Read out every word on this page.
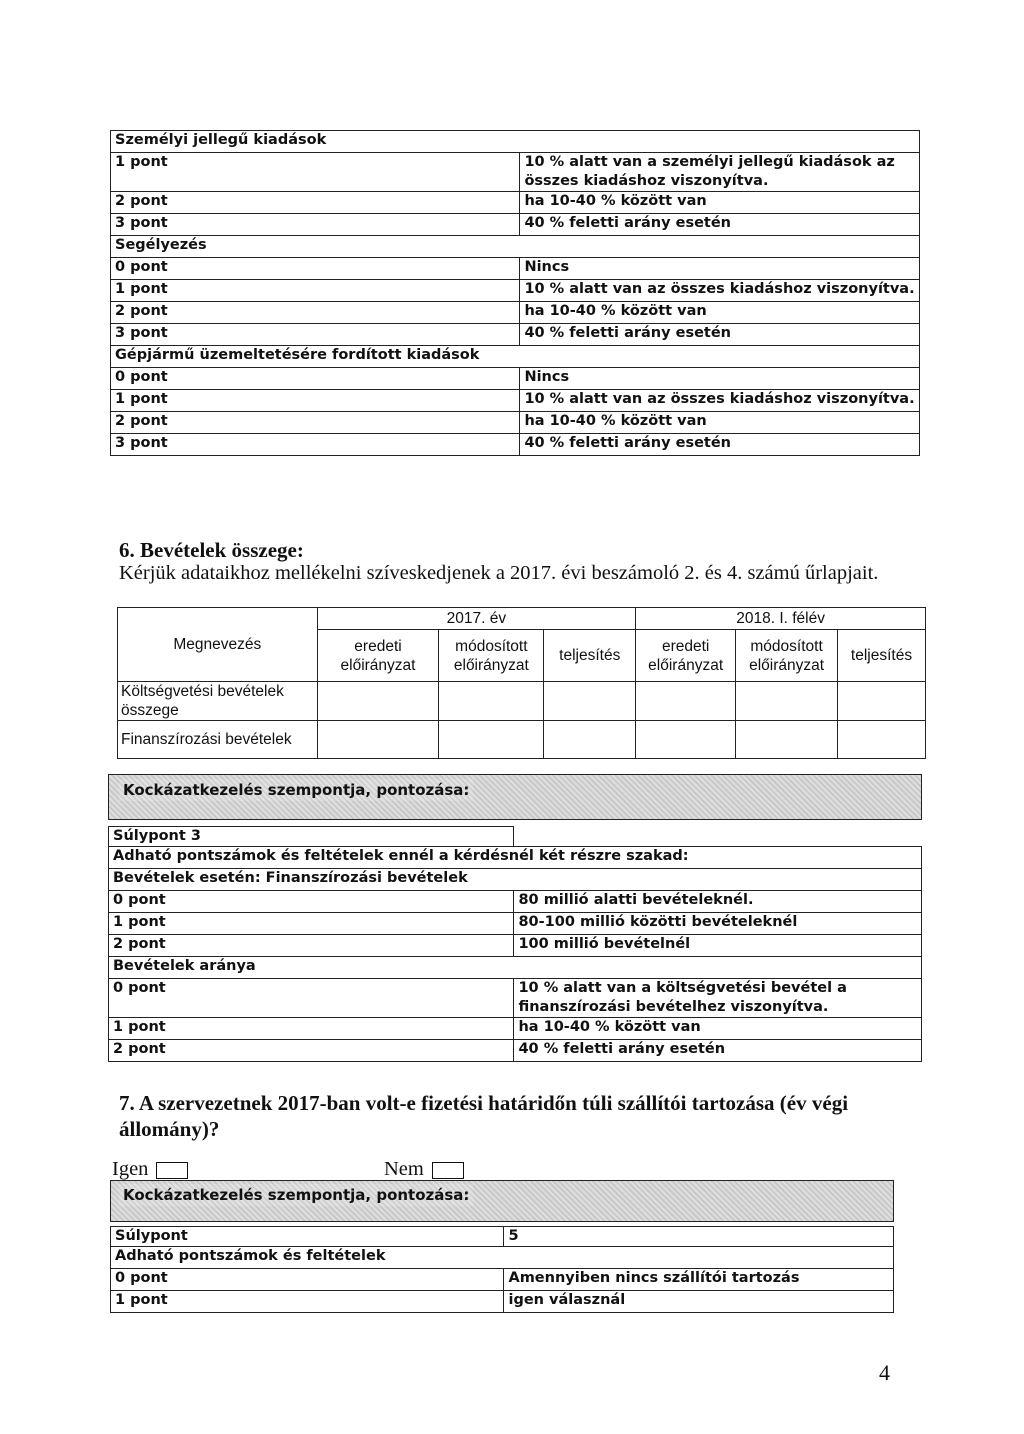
Személyi jellegű kiadások	
1 pont	10 % alatt van a személyi jellegű kiadások az összes kiadáshoz viszonyítva.
2 pont	ha 10-40 % között van
3 pont	40 % feletti arány esetén
Segélyezés	
0 pont	Nincs
1 pont	10 % alatt van az összes kiadáshoz viszonyítva.
2 pont	ha 10-40 % között van
3 pont	40 % feletti arány esetén
Gépjármű üzemeltetésére fordított kiadások	
0 pont	Nincs
1 pont	10 % alatt van az összes kiadáshoz viszonyítva.
2 pont	ha 10-40 % között van
3 pont	40 % feletti arány esetén
6. Bevételek összege:
Kérjük adataikhoz mellékelni szíveskedjenek a 2017. évi beszámoló 2. és 4. számú űrlapjait.
Megnevezés	2017. év			2018. I. félév		
	eredeti előirányzat	módosított előirányzat	teljesítés	eredeti előirányzat	módosított előirányzat	teljesítés
Költségvetési bevételek összege						
Finanszírozási bevételek						
Kockázatkezelés szempontja, pontozása:
Súlypont 3	
Adható pontszámok és feltételek ennél a kérdésnél két részre szakad:	
Bevételek esetén: Finanszírozási bevételek	
0 pont	80 millió alatti bevételeknél.
1 pont	80-100 millió közötti bevételeknél
2 pont	100 millió bevételnél
Bevételek aránya	
0 pont	10 % alatt van a költségvetési bevétel a finanszírozási bevételhez viszonyítva.
1 pont	ha 10-40 % között van
2 pont	40 % feletti arány esetén
7. A szervezetnek 2017-ban volt-e fizetési határidőn túli szállítói tartozása (év végi állomány)?
Igen	Nem
Kockázatkezelés szempontja, pontozása:
Súlypont	5
Adható pontszámok és feltételek	
0 pont	Amennyiben nincs szállítói tartozás
1 pont	igen válasznál
4
